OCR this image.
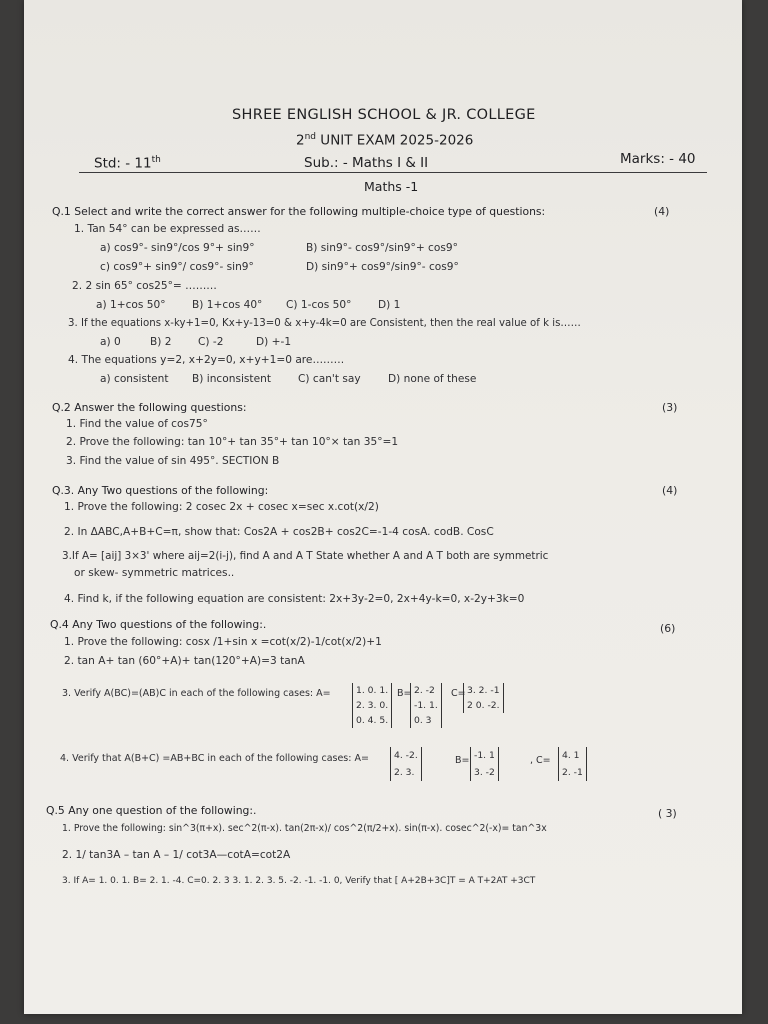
SHREE ENGLISH SCHOOL & JR. COLLEGE
2nd UNIT EXAM 2025-2026
Std: - 11th	Sub.: - Maths I & II	Marks: - 40
Maths -1
Q.1 Select and write the correct answer for the following multiple-choice type of questions:	(4)
1. Tan 54° can be expressed as……
a) cos9°- sin9°/cos 9°+ sin9°	B) sin9°- cos9°/sin9°+ cos9°
c) cos9°+ sin9°/ cos9°- sin9°	D) sin9°+ cos9°/sin9°- cos9°
2. 2 sin 65° cos25°= ………
a) 1+cos 50° B) 1+cos 40° C) 1-cos 50°	D) 1
3. If the equations x-ky+1=0, Kx+y-13=0 & x+y-4k=0 are Consistent, then the real value of k is……
a) 0	B) 2 C) -2	D) +-1
4. The equations y=2, x+2y=0, x+y+1=0 are………
a) consistent B) inconsistent	C) can't say	D) none of these
Q.2 Answer the following questions:	(3)
1. Find the value of cos75°
2. Prove the following: tan 10°+ tan 35°+ tan 10°× tan 35°=1
3. Find the value of sin 495°. SECTION B
Q.3. Any Two questions of the following:	(4)
1. Prove the following: 2 cosec 2x + cosec x=sec x.cot(x/2)
2. In ΔABC,A+B+C=π, show that: Cos2A + cos2B+ cos2C=-1-4 cosA. codB. CosC
3.If A= [aij] 3×3' where aij=2(i-j), find A and A T State whether A and A T both are symmetric
or skew- symmetric matrices..
4. Find k, if the following equation are consistent: 2x+3y-2=0, 2x+4y-k=0, x-2y+3k=0
Q.4 Any Two questions of the following:.	(6)
1. Prove the following: cosx /1+sin x =cot(x/2)-1/cot(x/2)+1
2. tan A+ tan (60°+A)+ tan(120°+A)=3 tanA
3. Verify A(BC)=(AB)C in each of the following cases: A=	1. 0. 1.
2. 3. 0.
0. 4. 5.
B= 2. -2
-1. 1.
0. 3
C= 3. 2. -1
2 0. -2.
4. Verify that A(B+C) =AB+BC in each of the following cases: A=	4. -2.
2. 3.
B= -1. 1
3. -2
, C= 4. 1
2. -1
Q.5 Any one question of the following:.	( 3)
1. Prove the following: sin^3(π+x). sec^2(π-x). tan(2π-x)/ cos^2(π/2+x). sin(π-x). cosec^2(-x)= tan^3x
2. 1/ tan3A – tan A – 1/ cot3A—cotA=cot2A
3. If A= 1. 0. 1. B= 2. 1. -4. C=0. 2. 3 3. 1. 2. 3. 5. -2. -1. -1. 0, Verify that [ A+2B+3C]T = A T+2AT +3CT
